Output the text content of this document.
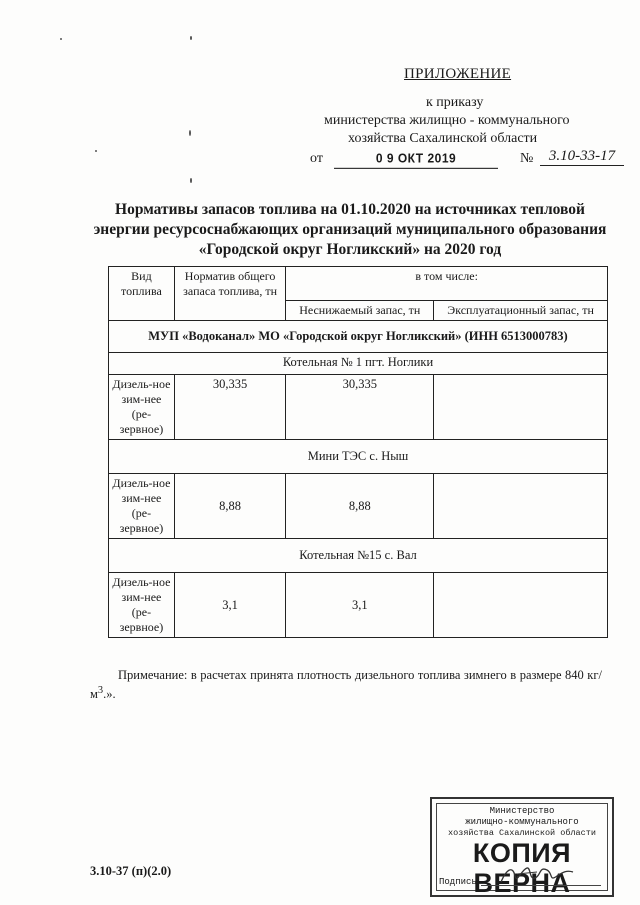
ПРИЛОЖЕНИЕ
к приказу
министерства жилищно - коммунального
хозяйства Сахалинской области
от	0 9 ОКТ 2019	№	3.10-33-17
Нормативы запасов топлива на 01.10.2020 на источниках тепловой
энергии ресурсоснабжающих организаций муниципального образования
«Городской округ Ногликский» на 2020 год
Вид топлива	Норматив общего запаса топлива, тн	в том числе:	
		Неснижаемый запас, тн	Эксплуатационный запас, тн
МУП «Водоканал» МО «Городской округ Ногликский» (ИНН 6513000783)			
Котельная № 1 пгт. Ноглики			
Дизель-ное зим-нее (ре-зервное)	30,335	30,335	
Мини ТЭС с. Ныш			
Дизель-ное зим-нее (ре-зервное)	8,88	8,88	
Котельная №15 с. Вал			
Дизель-ное зим-нее (ре-зервное)	3,1	3,1	
Примечание: в расчетах принята плотность дизельного топлива зимнего в размере 840 $кг/м^3$.».
Министерство
жилищно-коммунального
хозяйства Сахалинской области
КОПИЯ ВЕРНА
Подпись
3.10-37 (п)(2.0)
